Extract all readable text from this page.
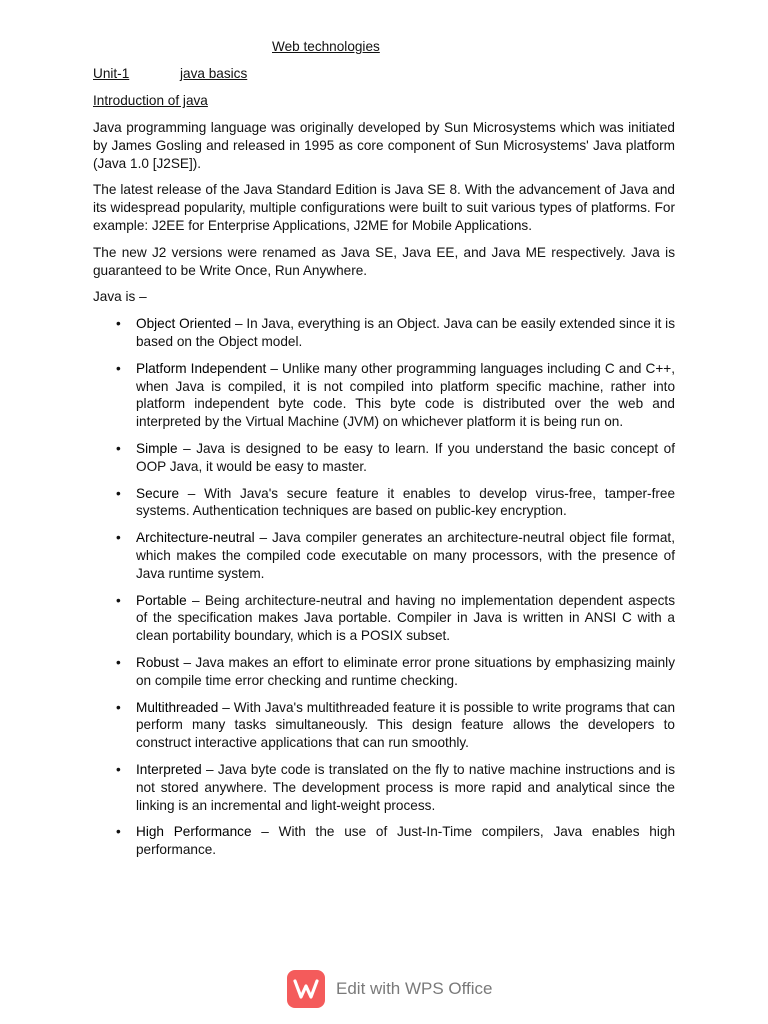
Web technologies
Unit-1	java basics
Introduction of java

Java programming language was originally developed by Sun Microsystems which was initiated by James Gosling and released in 1995 as core component of Sun Microsystems' Java platform (Java 1.0 [J2SE]).

The latest release of the Java Standard Edition is Java SE 8. With the advancement of Java and its widespread popularity, multiple configurations were built to suit various types of platforms. For example: J2EE for Enterprise Applications, J2ME for Mobile Applications.

The new J2 versions were renamed as Java SE, Java EE, and Java ME respectively. Java is guaranteed to be Write Once, Run Anywhere.

Java is –

• Object Oriented – In Java, everything is an Object. Java can be easily extended since it is based on the Object model.
• Platform Independent – Unlike many other programming languages including C and C++, when Java is compiled, it is not compiled into platform specific machine, rather into platform independent byte code. This byte code is distributed over the web and interpreted by the Virtual Machine (JVM) on whichever platform it is being run on.
• Simple – Java is designed to be easy to learn. If you understand the basic concept of OOP Java, it would be easy to master.
• Secure – With Java's secure feature it enables to develop virus-free, tamper-free systems. Authentication techniques are based on public-key encryption.
• Architecture-neutral – Java compiler generates an architecture-neutral object file format, which makes the compiled code executable on many processors, with the presence of Java runtime system.
• Portable – Being architecture-neutral and having no implementation dependent aspects of the specification makes Java portable. Compiler in Java is written in ANSI C with a clean portability boundary, which is a POSIX subset.
• Robust – Java makes an effort to eliminate error prone situations by emphasizing mainly on compile time error checking and runtime checking.
• Multithreaded – With Java's multithreaded feature it is possible to write programs that can perform many tasks simultaneously. This design feature allows the developers to construct interactive applications that can run smoothly.
• Interpreted – Java byte code is translated on the fly to native machine instructions and is not stored anywhere. The development process is more rapid and analytical since the linking is an incremental and light-weight process.
• High Performance – With the use of Just-In-Time compilers, Java enables high performance.
Edit with WPS Office
